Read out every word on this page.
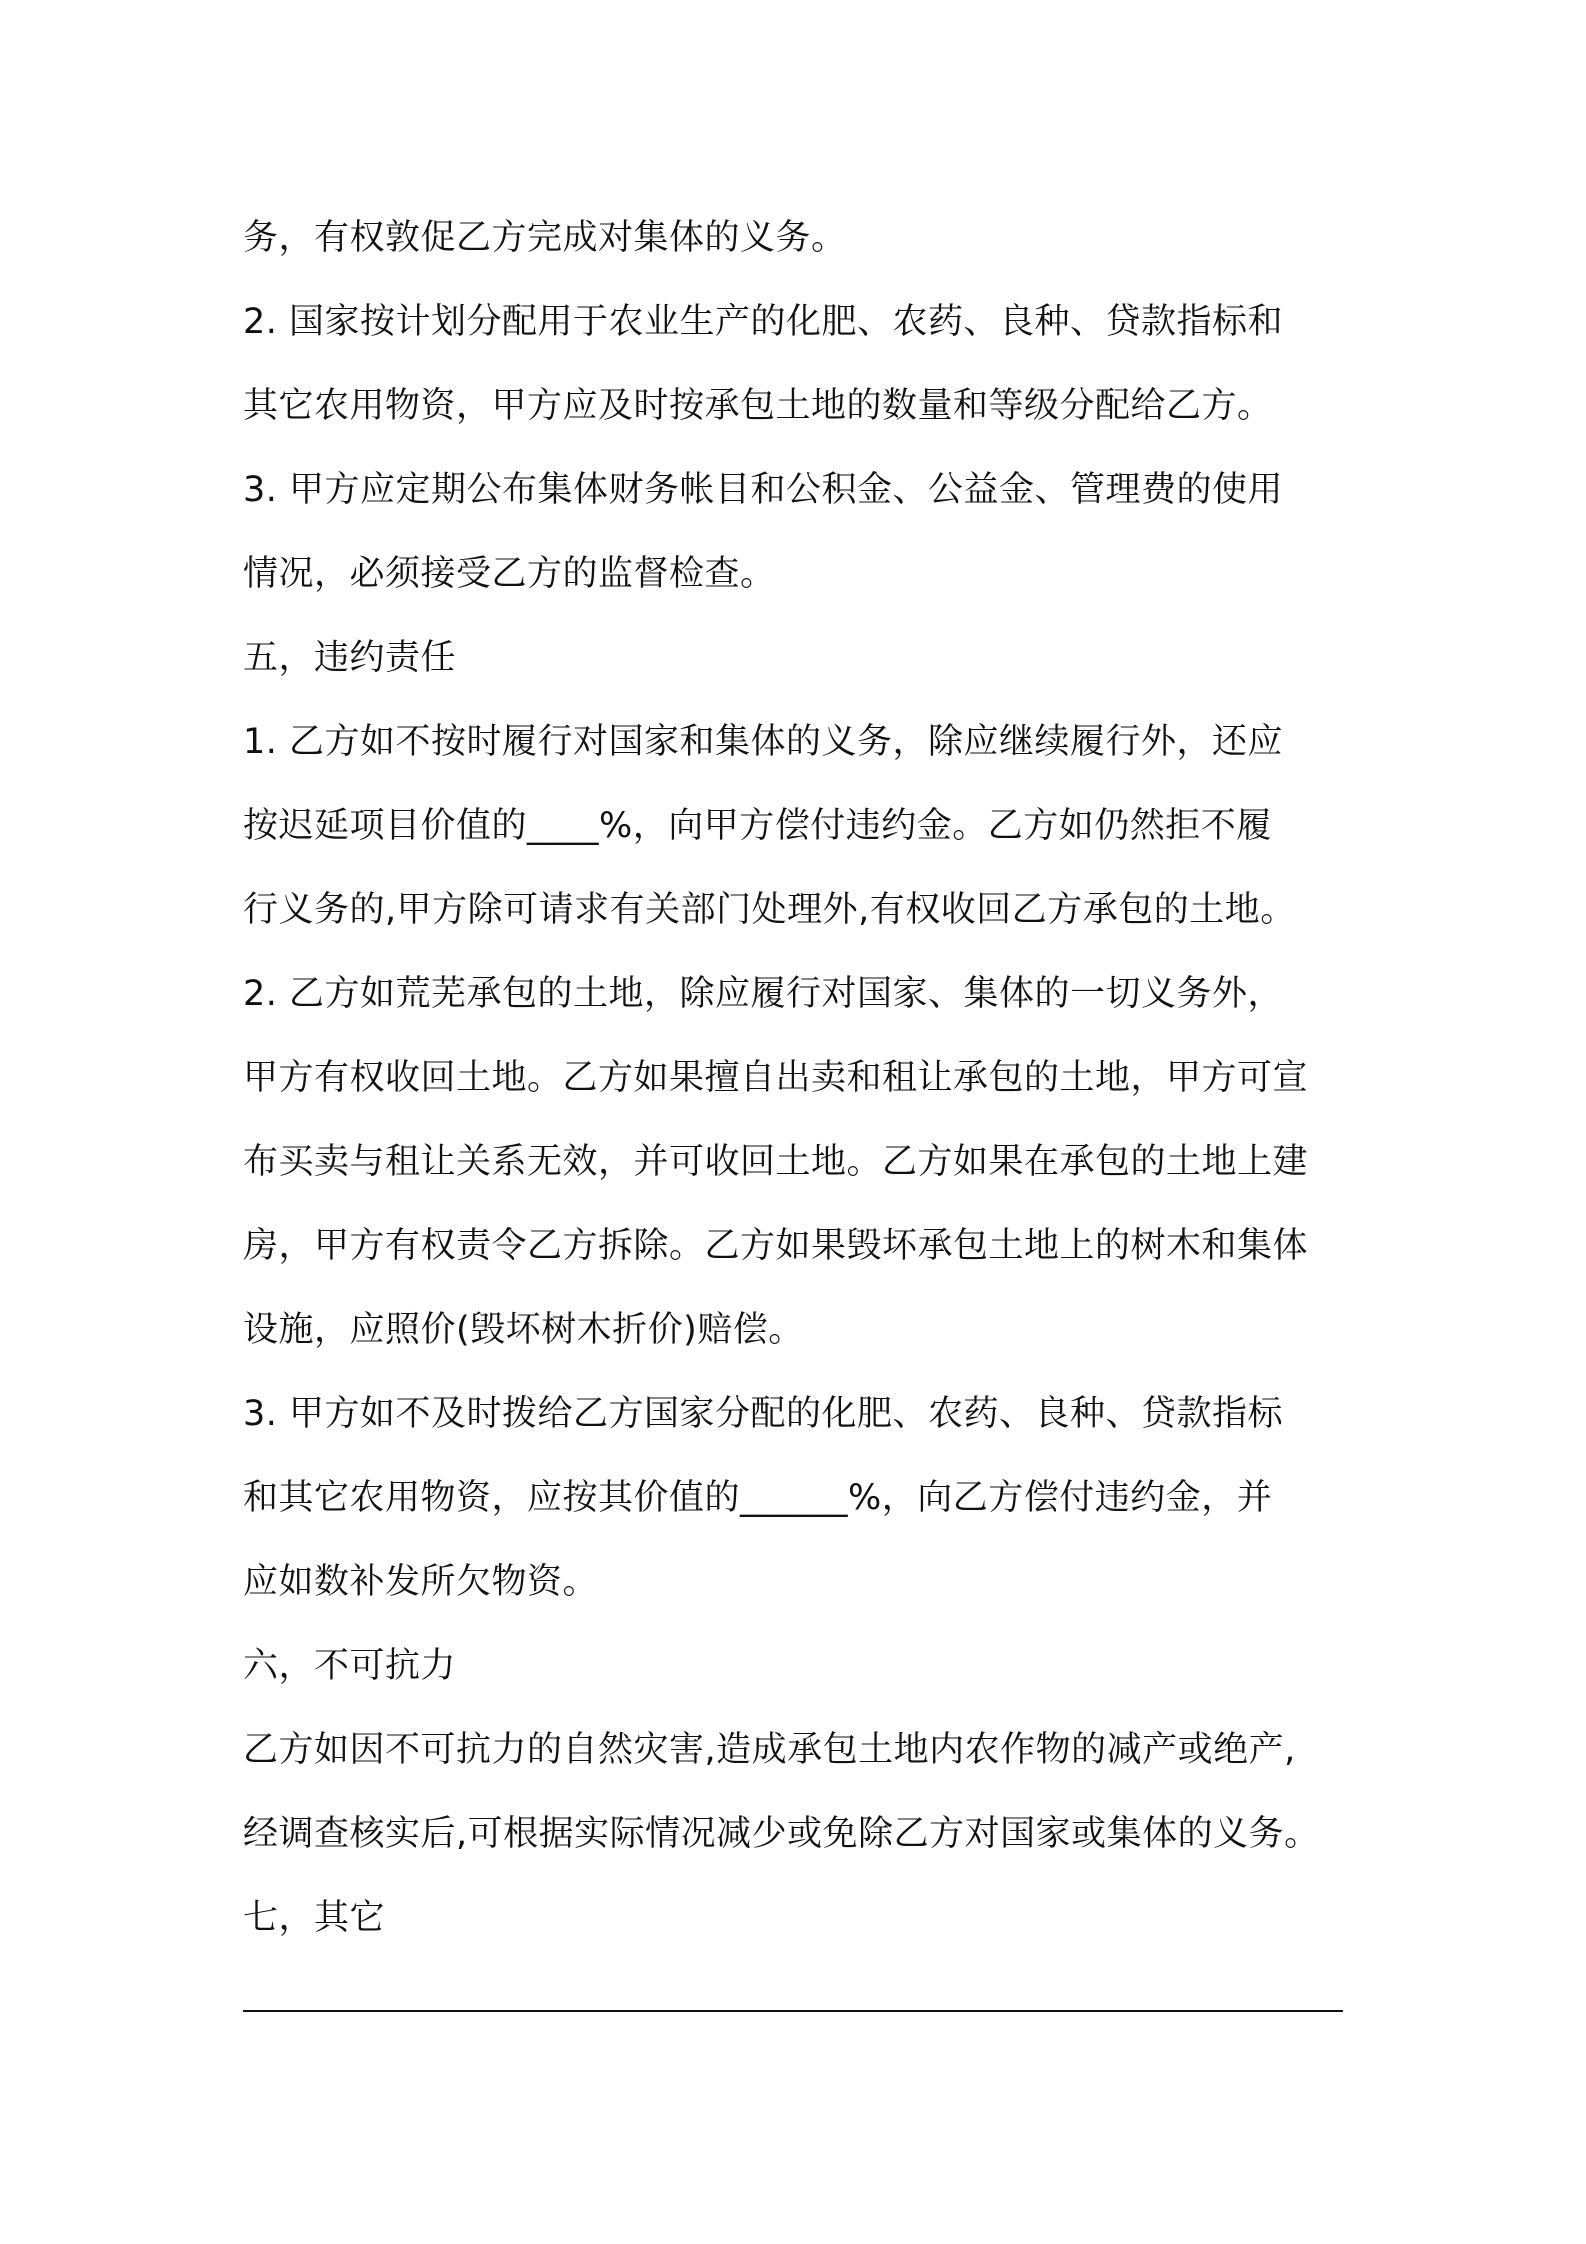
务，有权敦促乙方完成对集体的义务。
2. 国家按计划分配用于农业生产的化肥、农药、良种、贷款指标和
其它农用物资，甲方应及时按承包土地的数量和等级分配给乙方。
3. 甲方应定期公布集体财务帐目和公积金、公益金、管理费的使用
情况，必须接受乙方的监督检查。
五，违约责任
1. 乙方如不按时履行对国家和集体的义务，除应继续履行外，还应
按迟延项目价值的____%，向甲方偿付违约金。乙方如仍然拒不履
行义务的,甲方除可请求有关部门处理外,有权收回乙方承包的土地。
2. 乙方如荒芜承包的土地，除应履行对国家、集体的一切义务外，
甲方有权收回土地。乙方如果擅自出卖和租让承包的土地，甲方可宣
布买卖与租让关系无效，并可收回土地。乙方如果在承包的土地上建
房，甲方有权责令乙方拆除。乙方如果毁坏承包土地上的树木和集体
设施，应照价(毁坏树木折价)赔偿。
3. 甲方如不及时拨给乙方国家分配的化肥、农药、良种、贷款指标
和其它农用物资，应按其价值的______%，向乙方偿付违约金，并
应如数补发所欠物资。
六，不可抗力
乙方如因不可抗力的自然灾害,造成承包土地内农作物的减产或绝产,
经调查核实后,可根据实际情况减少或免除乙方对国家或集体的义务。
七，其它
